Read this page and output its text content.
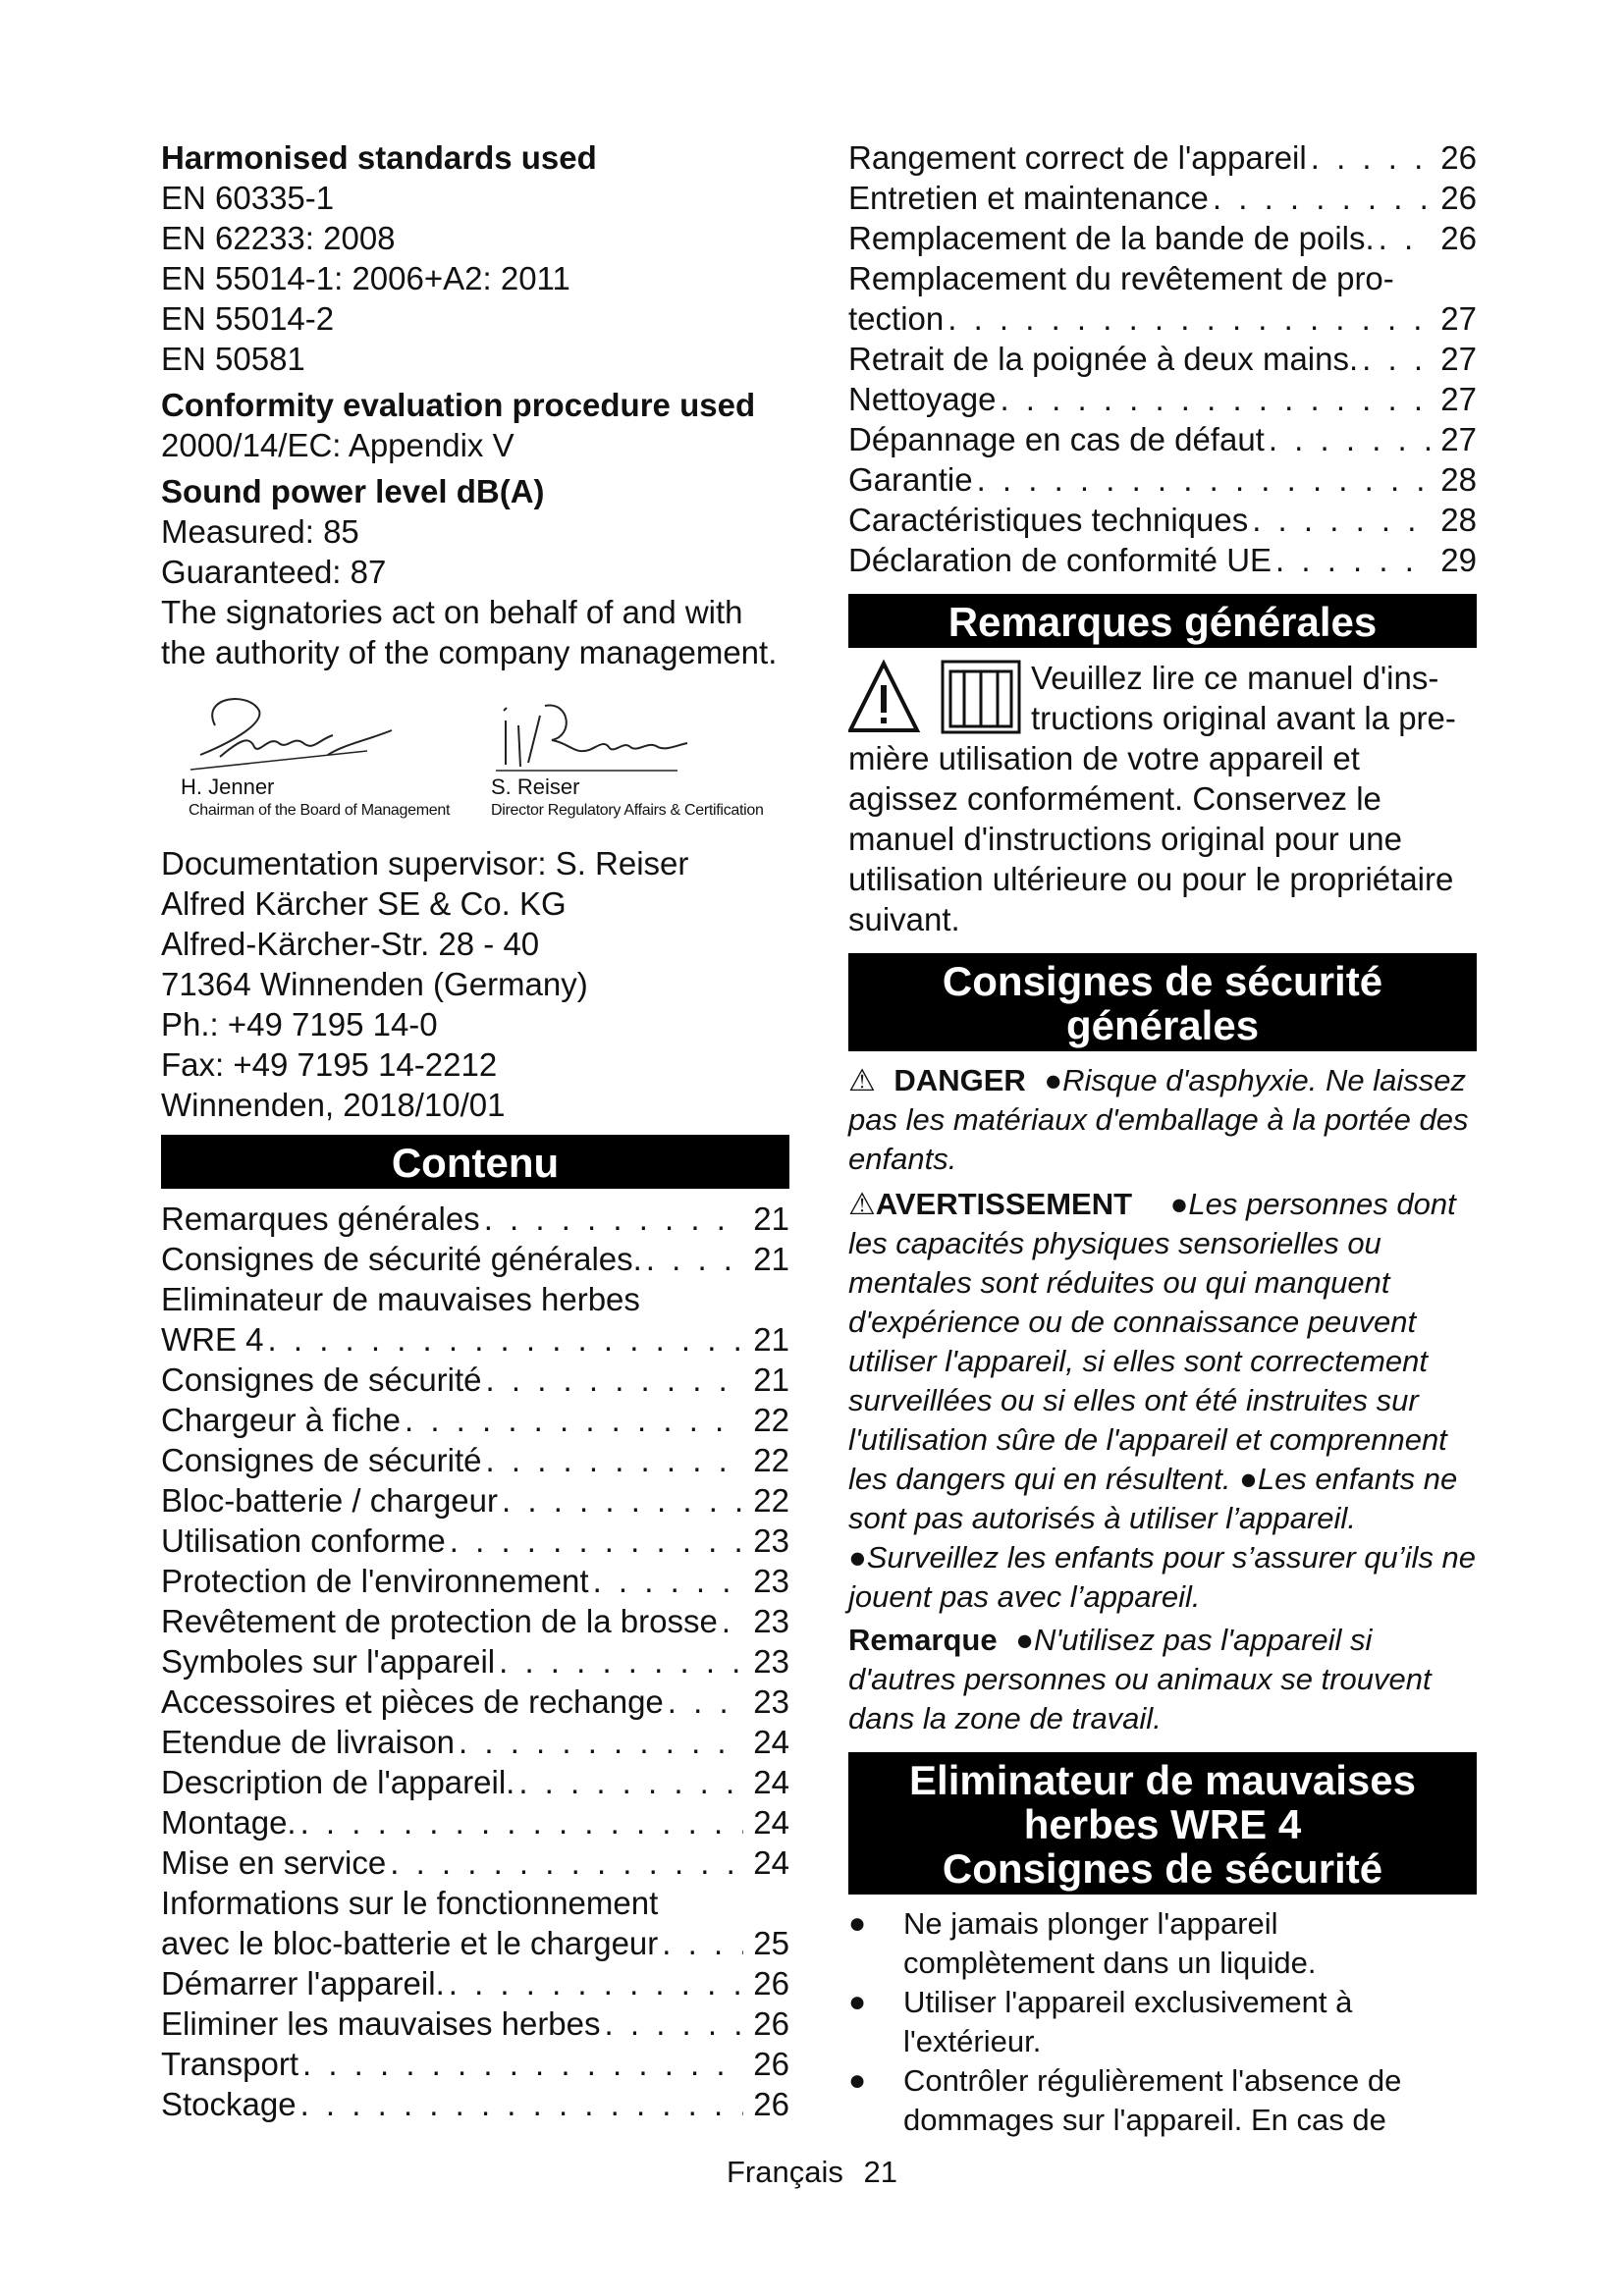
Harmonised standards used
EN 60335-1
EN 62233: 2008
EN 55014-1: 2006+A2: 2011
EN 55014-2
EN 50581
Conformity evaluation procedure used
2000/14/EC: Appendix V
Sound power level dB(A)
Measured: 85
Guaranteed: 87
The signatories act on behalf of and with the authority of the company management.
H. Jenner
Chairman of the Board of Management
S. Reiser
Director Regulatory Affairs & Certification
Documentation supervisor: S. Reiser
Alfred Kärcher SE & Co. KG
Alfred-Kärcher-Str. 28 - 40
71364 Winnenden (Germany)
Ph.: +49 7195 14-0
Fax: +49 7195 14-2212
Winnenden, 2018/10/01
Contenu
Remarques générales . . .	21
Consignes de sécurité générales. . . .	21
Eliminateur de mauvaises herbes
WRE 4 . . .	21
Consignes de sécurité . . .	21
Chargeur à fiche . . .	22
Consignes de sécurité . . .	22
Bloc-batterie / chargeur . . .	22
Utilisation conforme . . .	23
Protection de l'environnement . . .	23
Revêtement de protection de la brosse . . .	23
Symboles sur l'appareil . . .	23
Accessoires et pièces de rechange . . .	23
Etendue de livraison . . .	24
Description de l'appareil. . . .	24
Montage. . . .	24
Mise en service . . .	24
Informations sur le fonctionnement
avec le bloc-batterie et le chargeur . . .	25
Démarrer l'appareil. . . .	26
Eliminer les mauvaises herbes . . .	26
Transport . . .	26
Stockage . . .	26
Rangement correct de l'appareil . . .	26
Entretien et maintenance . . .	26
Remplacement de la bande de poils. . . .	26
Remplacement du revêtement de pro-
tection . . .	27
Retrait de la poignée à deux mains. . . .	27
Nettoyage . . .	27
Dépannage en cas de défaut . . .	27
Garantie . . .	28
Caractéristiques techniques . . .	28
Déclaration de conformité UE . . .	29
Remarques générales
Veuillez lire ce manuel d'ins-
tructions original avant la pre-
mière utilisation de votre appareil et agissez conformément. Conservez le manuel d'instructions original pour une utilisation ultérieure ou pour le propriétaire suivant.
Consignes de sécurité
générales
⚠ DANGER ●Risque d'asphyxie. Ne laissez pas les matériaux d'emballage à la portée des enfants.
⚠AVERTISSEMENT ●Les personnes dont les capacités physiques sensorielles ou mentales sont réduites ou qui manquent d'expérience ou de connaissance peuvent utiliser l'appareil, si elles sont correctement surveillées ou si elles ont été instruites sur l'utilisation sûre de l'appareil et comprennent les dangers qui en résultent. ●Les enfants ne sont pas autorisés à utiliser l’appareil. ●Surveillez les enfants pour s’assurer qu’ils ne jouent pas avec l’appareil.
Remarque ●N'utilisez pas l'appareil si d'autres personnes ou animaux se trouvent dans la zone de travail.
Eliminateur de mauvaises
herbes WRE 4
Consignes de sécurité
●	Ne jamais plonger l'appareil complètement dans un liquide.
●	Utiliser l'appareil exclusivement à l'extérieur.
●	Contrôler régulièrement l'absence de dommages sur l'appareil. En cas de
Français 21
